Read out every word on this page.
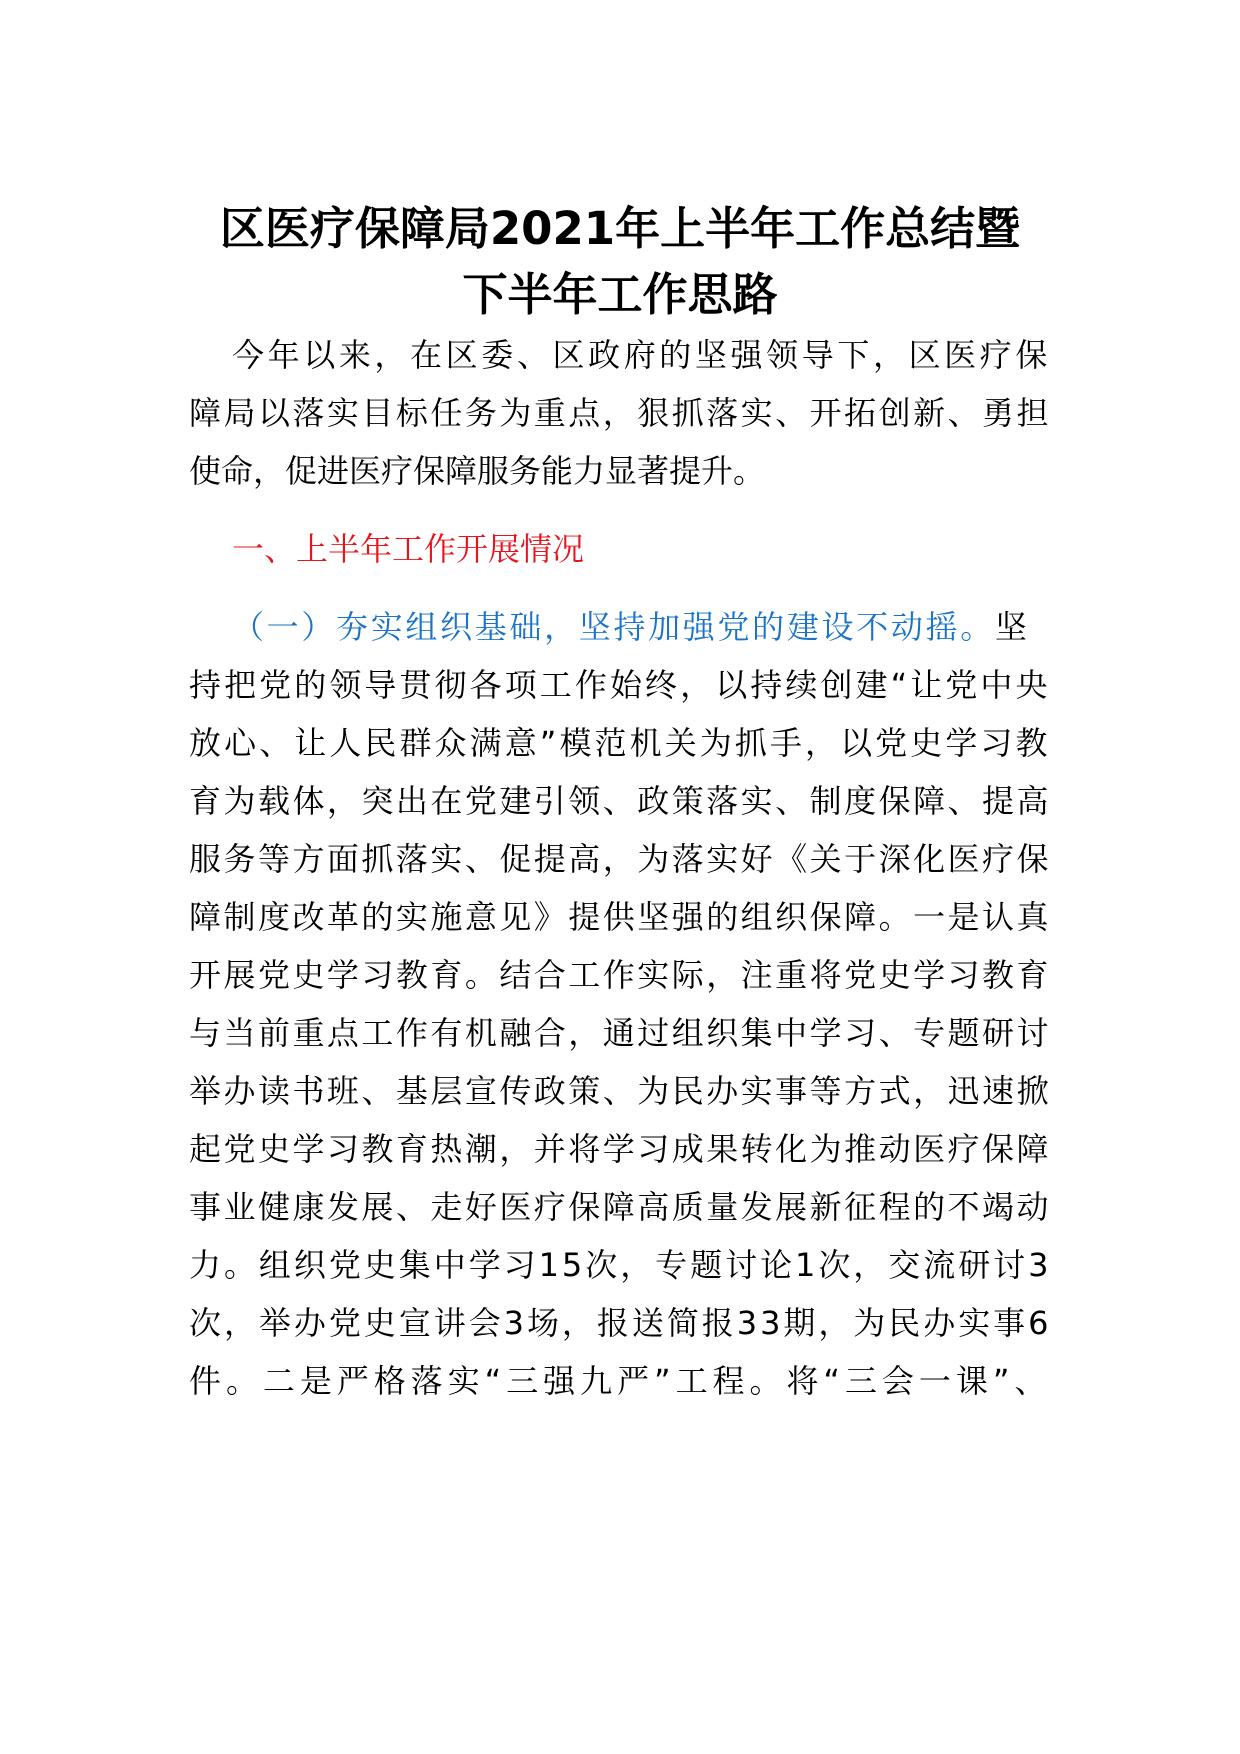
区医疗保障局2021年上半年工作总结暨
下半年工作思路
今年以来，在区委、区政府的坚强领导下，区医疗保
障局以落实目标任务为重点，狠抓落实、开拓创新、勇担
使命，促进医疗保障服务能力显著提升。
一、上半年工作开展情况
（一）夯实组织基础，坚持加强党的建设不动摇。坚
持把党的领导贯彻各项工作始终，以持续创建“让党中央
放心、让人民群众满意”模范机关为抓手，以党史学习教
育为载体，突出在党建引领、政策落实、制度保障、提高
服务等方面抓落实、促提高，为落实好《关于深化医疗保
障制度改革的实施意见》提供坚强的组织保障。一是认真
开展党史学习教育。结合工作实际，注重将党史学习教育
与当前重点工作有机融合，通过组织集中学习、专题研讨
举办读书班、基层宣传政策、为民办实事等方式，迅速掀
起党史学习教育热潮，并将学习成果转化为推动医疗保障
事业健康发展、走好医疗保障高质量发展新征程的不竭动
力。组织党史集中学习15次，专题讨论1次，交流研讨3
次，举办党史宣讲会3场，报送简报33期，为民办实事6
件。二是严格落实“三强九严”工程。将“三会一课”、
